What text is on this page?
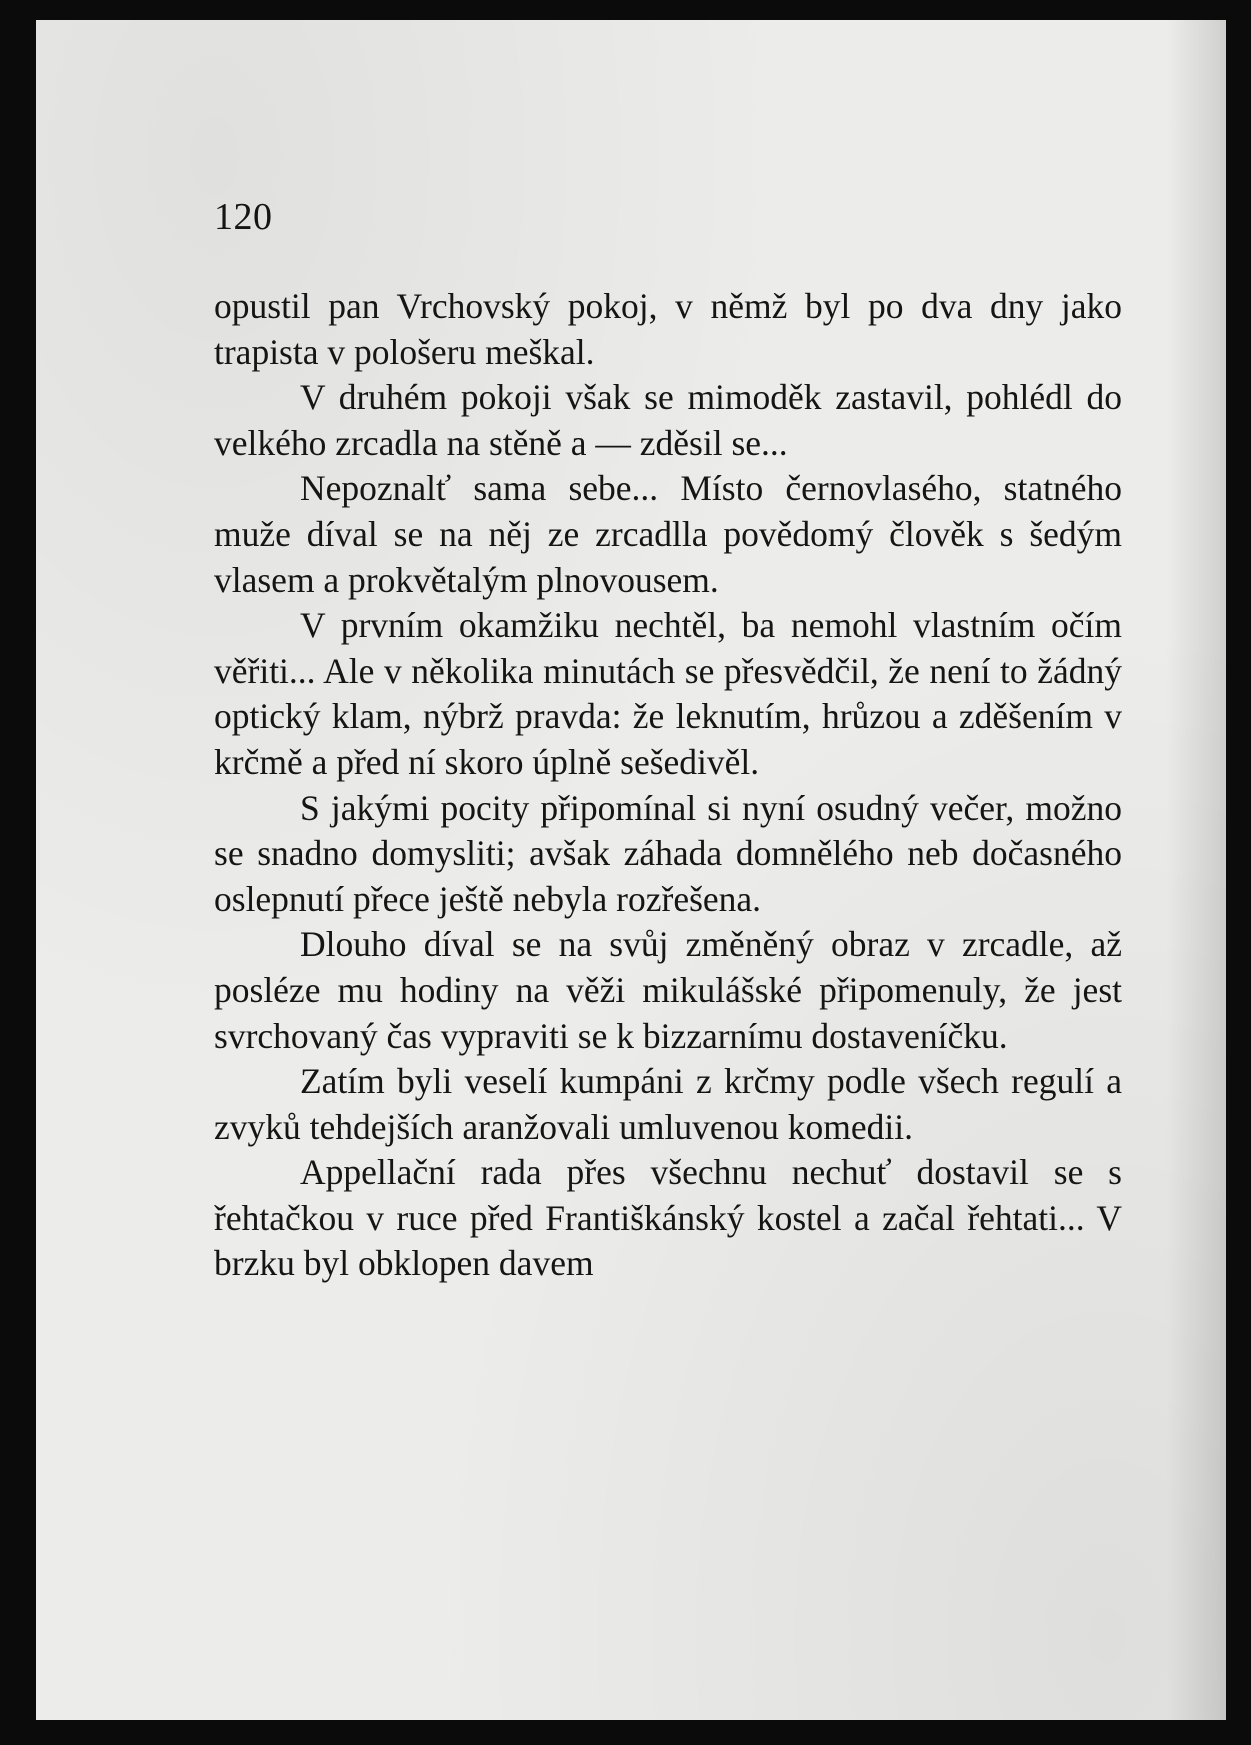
120

opustil pan Vrchovský pokoj, v němž byl po dva dny jako trapista v pološeru meškal.

V druhém pokoji však se mimoděk zastavil, pohlédl do velkého zrcadla na stěně a — zděsil se...

Nepoznalť sama sebe... Místo černovlasého, statného muže díval se na něj ze zrcadlla povědomý člověk s šedým vlasem a prokvětalým plnovousem.

V prvním okamžiku nechtěl, ba nemohl vlastním očím věřiti... Ale v několika minutách se přesvědčil, že není to žádný optický klam, nýbrž pravda: že leknutím, hrůzou a zděšením v krčmě a před ní skoro úplně sešedivěl.

S jakými pocity připomínal si nyní osudný večer, možno se snadno domysliti; avšak záhada domnělého neb dočasného oslepnutí přece ještě nebyla rozřešena.

Dlouho díval se na svůj změněný obraz v zrcadle, až posléze mu hodiny na věži mikulášské připomenuly, že jest svrchovaný čas vypraviti se k bizzarnímu dostavеníčku.

Zatím byli veselí kumpáni z krčmy podle všech regulí a zvyků tehdejších aranžovali umluvenou komedii.

Appellační rada přes všechnu nechuť dostavil se s řehtačkou v ruce před Františkánský kostel a začal řehtati... V brzku byl obklopen davem
